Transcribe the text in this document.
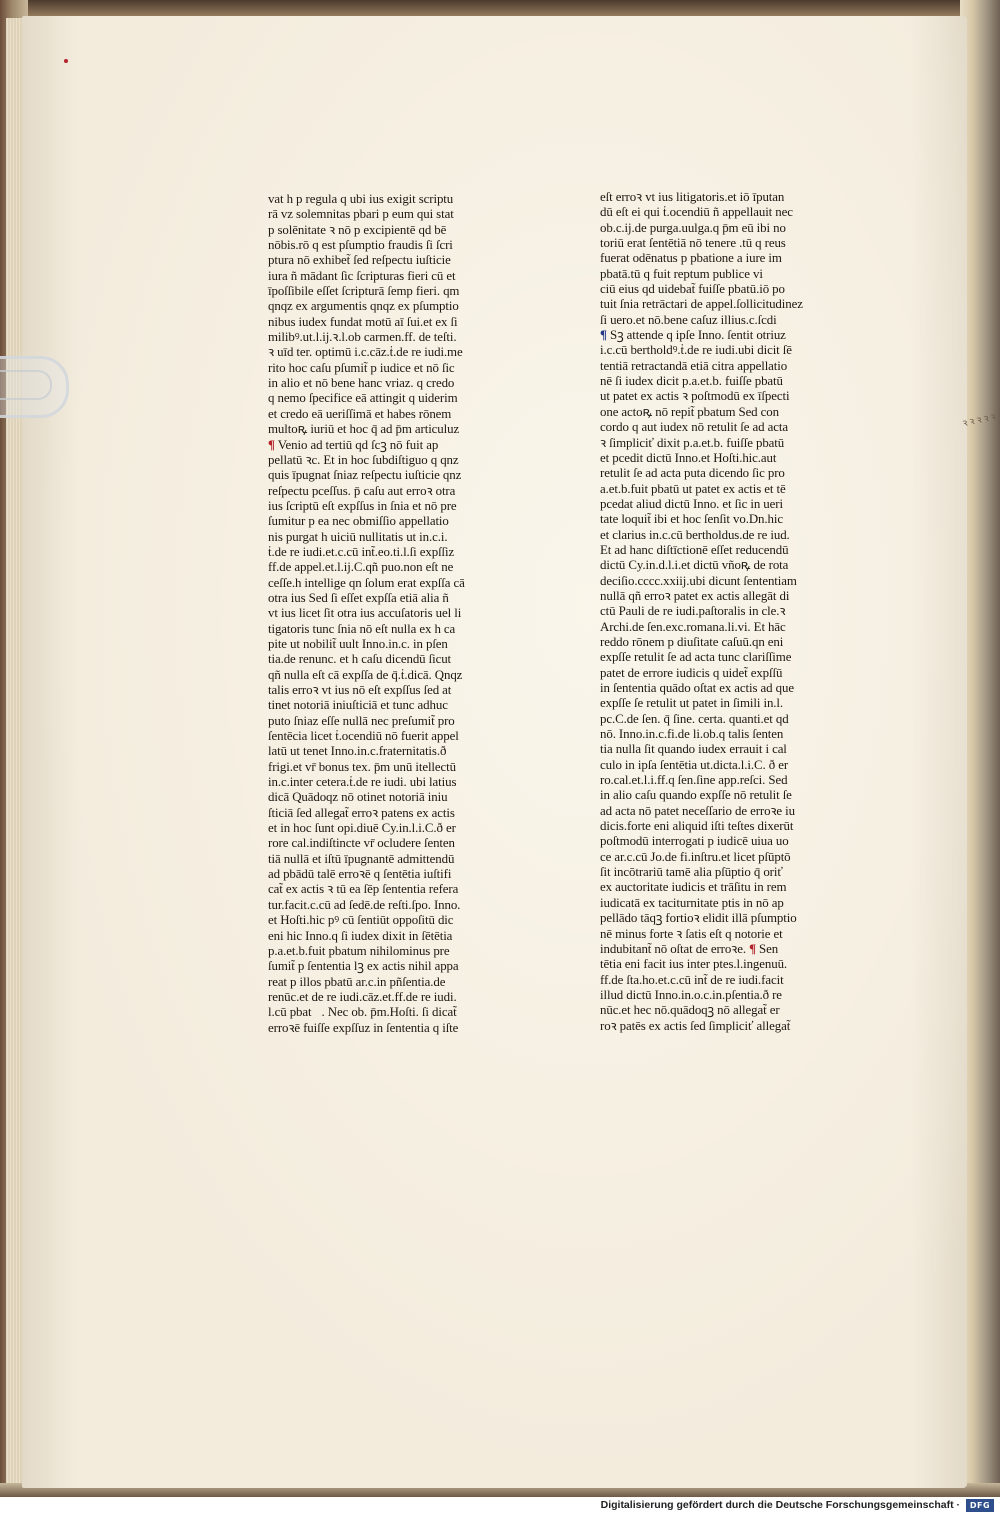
vat h p regula q ubi ius exigit scriptu
rā vz solemnitas pbari p eum qui stat
p solēnitate ꝛ nō p excipientē qd bē
nōbis.rō q est pſumptio fraudis ſi ſcri
ptura nō exhibet̃ ſed reſpectu iuſticie
iura ñ mādant ſic ſcripturas fieri cū et
īpoſſibile eſſet ſcripturā ſemp fieri. qm
qnqz ex argumentis qnqz ex pſumptio
nibus iudex fundat motū aī ſui.et ex ſi
milibꝰ.ut.l.ij.ꝛ.l.ob carmen.ff. de teſti.
ꝛ uīd ter. optimū i.c.cāz.ṫ.de re iudi.me
rito hoc caſu pſumit̃ p iudice et nō ſic
in alio et nō bene hanc vriaz. q credo
q nemo ſpecifice eā attingit q uiderim
et credo eā ueriſſimā et habes rōnem
multoꝶ iuriū et hoc q̄ ad p̄m articuluz
¶ Venio ad tertiū qd ſcꝫ nō fuit ap
pellatū ꝛc. Et in hoc ſubdiſtiguo q qnz
quis īpugnat ſniaz reſpectu iuſticie qnz
reſpectu pceſſus. p̄ caſu aut erroꝛ otra
ius ſcriptū eſt expſſus in ſnia et nō pre
ſumitur p ea nec obmiſſio appellatio
nis purgat h uiciū nullitatis ut in.c.i.
ṫ.de re iudi.et.c.cū int̃.eo.ti.l.ſi expſſiz
ff.de appel.et.l.ij.C.qñ puo.non eſt ne
ceſſe.h intellige qn ſolum erat expſſa cā
otra ius Sed ſi eſſet expſſa etiā alia ñ
vt ius licet ſit otra ius accuſatoris uel li
tigatoris tunc ſnia nō eſt nulla ex h ca
pite ut nobilit̃ uult Inno.in.c. in pſen
tia.de renunc. et h caſu dicendū ſicut
qñ nulla eſt cā expſſa de q̄.ṫ.dicā. Qnqz
talis erroꝛ vt ius nō eſt expſſus ſed at
tinet notoriā iniuſticiā et tunc adhuc
puto ſniaz eſſe nullā nec preſumit̃ pro
ſentēcia licet ṫ.ocendiū nō fuerit appel
latū ut tenet Inno.in.c.fraternitatis.ð
frigi.et vr̄ bonus tex. p̄m unū itellectū
in.c.inter cetera.ṫ.de re iudi. ubi latius
dicā Quādoqz nō otinet notoriā iniu
ſticiā ſed allegat̃ erroꝛ patens ex actis
et in hoc ſunt opi.diuē Cy.in.l.i.C.ð er
rore cal.indiſtincte vr̄ ocludere ſenten
tiā nullā et iſtū īpugnantē admittendū
ad pbādū talē erroꝛē q ſentētia iuſtifi
cat̃ ex actis ꝛ tū ea ſēp ſententia refera
tur.facit.c.cū ad ſedē.de reſti.ſpo. Inno.
et Hoſti.hic pꝰ cū ſentiūt oppoſitū dic
eni hic Inno.q ſi iudex dixit in ſētētia
p.a.et.b.fuit pbatum nihilominus pre
ſumit̃ p ſententia lꝫ ex actis nihil appa
reat p illos pbatū ar.c.in pñſentia.de
renūc.et de re iudi.cāz.et.ff.de re iudi.
l.cū pbat᷑. Nec ob. p̄m.Hoſti. ſi dicat̃
erroꝛē fuiſſe expſſuz in ſententia q iſte
eſt erroꝛ vt ius litigatoris.et iō īputan
dū eſt ei qui ṫ.ocendiū ñ appellauit nec
ob.c.ij.de purga.uulga.q p̄m eū ibi no
toriū erat ſentētiā nō tenere .tū q reus
fuerat odēnatus p pbatione a iure im
pbatā.tū q fuit reptum publice vi
ciū eius qd uidebat̃ fuiſſe pbatū.iō po
tuit ſnia retrāctari de appel.ſollicitudinez
ſi uero.et nō.bene caſuz illius.c.ſcdi
¶ Sꝫ attende q ipſe Inno. ſentit otriuz
i.c.cū bertholdꝰ.ṫ.de re iudi.ubi dicit ſē
tentiā retractandā etiā citra appellatio
nē ſi iudex dicit p.a.et.b. fuiſſe pbatū
ut patet ex actis ꝛ poſtmodū ex īſpecti
one actoꝶ nō repit̃ pbatum Sed con
cordo q aut iudex nō retulit ſe ad acta
ꝛ ſimpliciť dixit p.a.et.b. fuiſſe pbatū
et pcedit dictū Inno.et Hoſti.hic.aut
retulit ſe ad acta puta dicendo ſic pro
a.et.b.fuit pbatū ut patet ex actis et tē
pcedat aliud dictū Inno. et ſic in ueri
tate loquit̃ ibi et hoc ſenſit vo.Dn.hic
et clarius in.c.cū bertholdus.de re iud.
Et ad hanc diſtīctionē eſſet reducendū
dictū Cy.in.d.l.i.et dictū vñoꝶ de rota
deciſio.cccc.xxiij.ubi dicunt ſententiam
nullā qñ erroꝛ patet ex actis allegāt di
ctū Pauli de re iudi.paſtoralis in cle.ꝛ
Archi.de ſen.exc.romana.li.vi. Et hāc
reddo rōnem p diuſitate caſuū.qn eni
expſſe retulit ſe ad acta tunc clariſſime
patet de errore iudicis q uidet̃ expſſū
in ſententia quādo oſtat ex actis ad que
expſſe ſe retulit ut patet in ſimili in.l.
pc.C.de ſen. q̄ ſine. certa. quanti.et qd
nō. Inno.in.c.fi.de li.ob.q talis ſenten
tia nulla ſit quando iudex errauit i cal
culo in ipſa ſentētia ut.dicta.l.i.C. ð er
ro.cal.et.l.i.ff.q ſen.ſine app.reſci. Sed
in alio caſu quando expſſe nō retulit ſe
ad acta nō patet neceſſario de erroꝛe iu
dicis.forte eni aliquid iſti teſtes dixerūt
poſtmodū interrogati p iudicē uiua uo
ce ar.c.cū Jo.de fi.inſtru.et licet pſūptō
ſit incōtrariū tamē alia pſūptio q̄ oriť
ex auctoritate iudicis et trāſitu in rem
iudicatā ex taciturnitate ptis in nō ap
pellādo tāqꝫ fortioꝛ elidit illā pſumptio
nē minus forte ꝛ ſatis eſt q notorie et
indubitant̃ nō oſtat de erroꝛe. ¶ Sen
tētia eni facit ius inter ptes.l.ingenuū.
ff.de ſta.ho.et.c.cū int̃ de re iudi.facit
illud dictū Inno.in.o.c.in.pſentia.ð re
nūc.et hec nō.quādoqꝫ nō allegat̃ er
roꝛ patēs ex actis ſed ſimpliciť allegat̃
ꝛ ꝛ ꝛ ꝛ ꝛ
Digitalisierung gefördert durch die Deutsche Forschungsgemeinschaft ·	DFG
